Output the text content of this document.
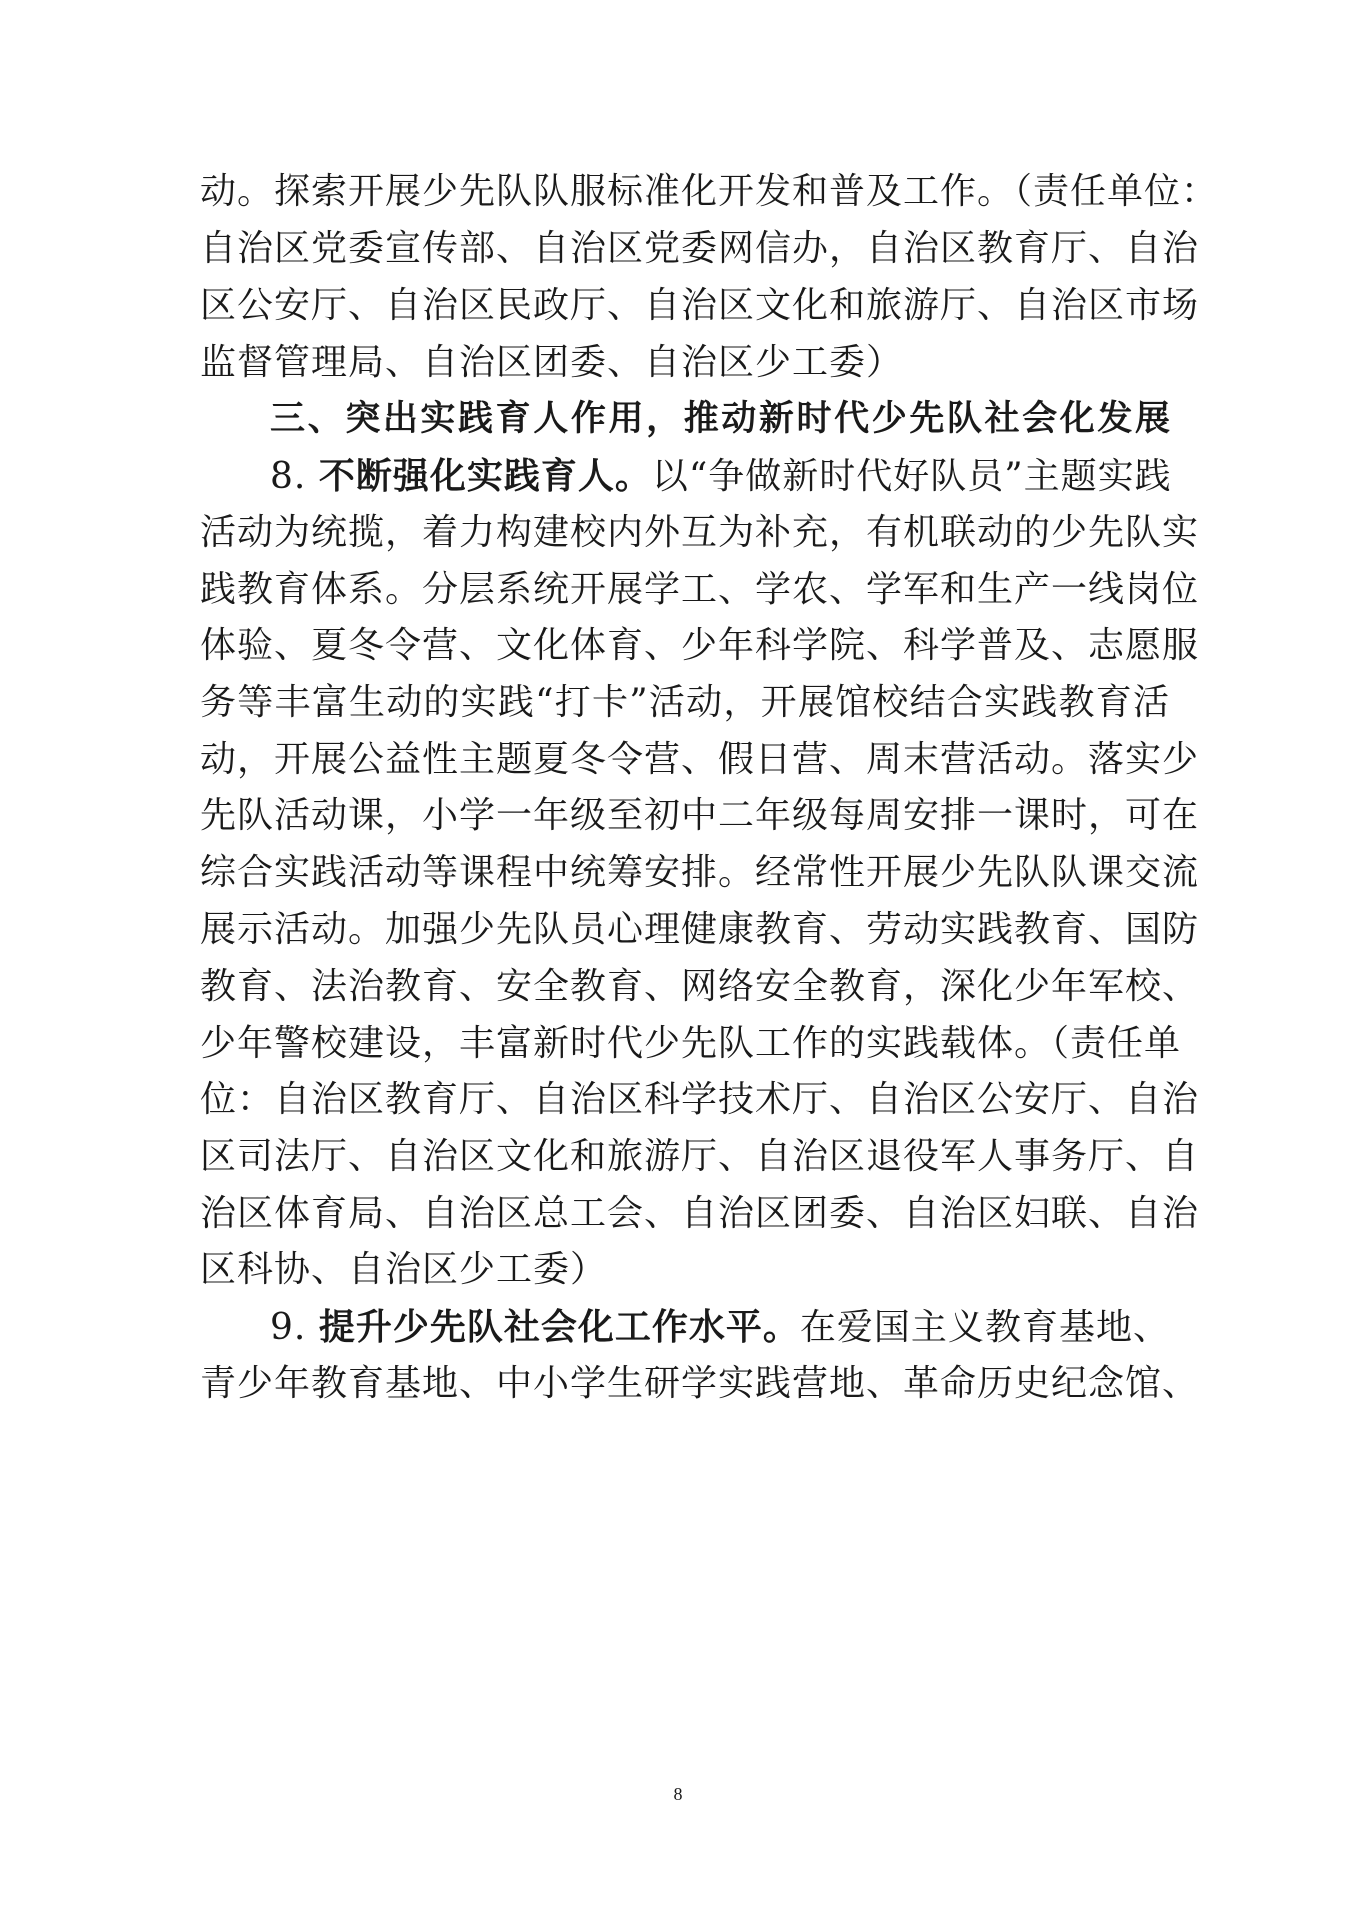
动。探索开展少先队队服标准化开发和普及工作。（责任单位：
自治区党委宣传部、自治区党委网信办，自治区教育厅、自治
区公安厅、自治区民政厅、自治区文化和旅游厅、自治区市场
监督管理局、自治区团委、自治区少工委）
三、突出实践育人作用，推动新时代少先队社会化发展
8. 不断强化实践育人。以“争做新时代好队员”主题实践
活动为统揽，着力构建校内外互为补充，有机联动的少先队实
践教育体系。分层系统开展学工、学农、学军和生产一线岗位
体验、夏冬令营、文化体育、少年科学院、科学普及、志愿服
务等丰富生动的实践“打卡”活动，开展馆校结合实践教育活
动，开展公益性主题夏冬令营、假日营、周末营活动。落实少
先队活动课，小学一年级至初中二年级每周安排一课时，可在
综合实践活动等课程中统筹安排。经常性开展少先队队课交流
展示活动。加强少先队员心理健康教育、劳动实践教育、国防
教育、法治教育、安全教育、网络安全教育，深化少年军校、
少年警校建设，丰富新时代少先队工作的实践载体。（责任单
位：自治区教育厅、自治区科学技术厅、自治区公安厅、自治
区司法厅、自治区文化和旅游厅、自治区退役军人事务厅、自
治区体育局、自治区总工会、自治区团委、自治区妇联、自治
区科协、自治区少工委）
9. 提升少先队社会化工作水平。在爱国主义教育基地、
青少年教育基地、中小学生研学实践营地、革命历史纪念馆、
8
